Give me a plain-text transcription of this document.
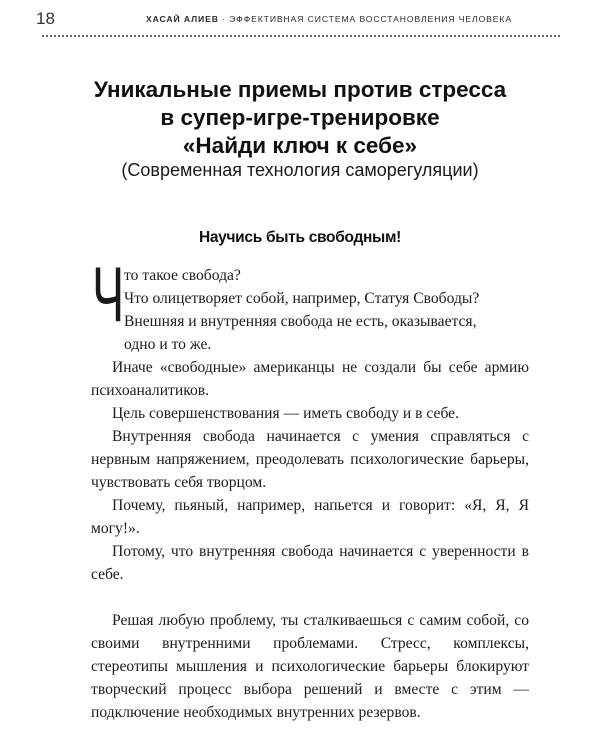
18	ХАСАЙ АЛИЕВ · ЭФФЕКТИВНАЯ СИСТЕМА ВОССТАНОВЛЕНИЯ ЧЕЛОВЕКА
Уникальные приемы против стресса
в супер-игре-тренировке
«Найди ключ к себе»
(Современная технология саморегуляции)
Научись быть свободным!
Ч то такое свобода?

Что олицетворяет собой, например, Статуя Свободы?

Внешняя и внутренняя свобода не есть, оказывается,

одно и то же.

Иначе «свободные» американцы не создали бы себе армию психоаналитиков.

Цель совершенствования — иметь свободу и в себе.

Внутренняя свобода начинается с умения справляться с нервным напряжением, преодолевать психологические барьеры, чувствовать себя творцом.

Почему, пьяный, например, напьется и говорит: «Я, Я, Я могу!».

Потому, что внутренняя свобода начинается с уверенности в себе.

Решая любую проблему, ты сталкиваешься с самим собой, со своими внутренними проблемами. Стресс, комплексы, стереотипы мышления и психологические барьеры блокируют творческий процесс выбора решений и вместе с этим — подключение необходимых внутренних резервов.
